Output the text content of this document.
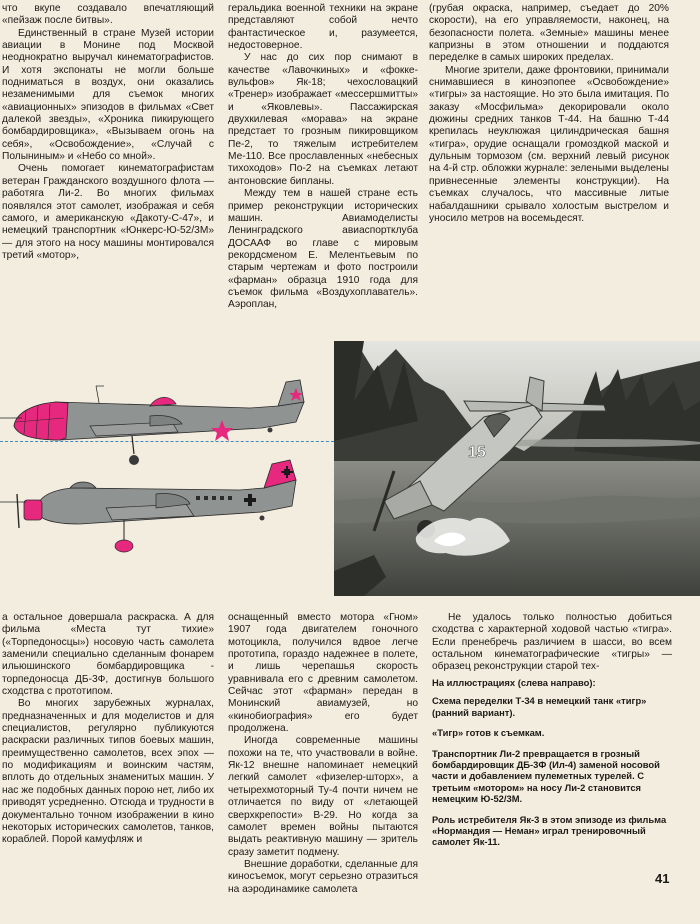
что вкупе создавало впечатляющий «пейзаж после битвы».

Единственный в стране Музей истории авиации в Монине под Москвой неоднократно выручал кинематографистов. И хотя экспонаты не могли больше подниматься в воздух, они оказались незаменимыми для съемок многих «авиационных» эпизодов в фильмах «Свет далекой звезды», «Хроника пикирующего бомбардировщика», «Вызываем огонь на себя», «Освобождение», «Случай с Полыниным» и «Небо со мной».

Очень помогает кинематографистам ветеран Гражданского воздушного флота — работяга Ли-2. Во многих фильмах появлялся этот самолет, изображая и себя самого, и американскую «Дакоту-С-47», и немецкий транспортник «Юнкерс-Ю-52/3М» — для этого на носу машины монтировался третий «мотор»,

геральдика военной техники на экране представляют собой нечто фантастическое и, разумеется, недостоверное.

У нас до сих пор снимают в качестве «Лавочкиных» и «фокке-вульфов» Як-18; чехословацкий «Тренер» изображает «мессершмитты» и «Яковлевы». Пассажирская двухкилевая «морава» на экране предстает то грозным пикировщиком Пе-2, то тяжелым истребителем Ме-110. Все прославленных «небесных тихоходов» По-2 на съемках летают антоновские бипланы.

Между тем в нашей стране есть пример реконструкции исторических машин. Авиамоделисты Ленинградского авиаспортклуба ДОСААФ во главе с мировым рекордсменом Е. Мелентьевым по старым чертежам и фото построили «фарман» образца 1910 года для съемок фильма «Воздухоплаватель». Аэроплан,

(грубая окраска, например, съедает до 20% скорости), на его управляемости, наконец, на безопасности полета. «Земные» машины менее капризны в этом отношении и поддаются переделке в самых широких пределах.

Многие зрители, даже фронтовики, принимали снимавшиеся в киноэпопее «Освобождение» «тигры» за настоящие. Но это была имитация. По заказу «Мосфильма» декорировали около дюжины средних танков Т-44. На башню Т-44 крепилась неуклюжая цилиндрическая башня «тигра», орудие оснащали громоздкой маской и дульным тормозом (см. верхний левый рисунок на 4-й стр. обложки журнале: зелеными выделены привнесенные элементы конструкции). На съемках случалось, что массивные литые набалдашники срывало холостым выстрелом и уносило метров на восемьдесят.

15

а остальное довершала раскраска. А для фильма «Места тут тихие» («Торпедоносцы») носовую часть самолета заменили специально сделанным фонарем ильюшинского бомбардировщика - торпедоносца ДБ-3Ф, достигнув большого сходства с прототипом.

Во многих зарубежных журналах, предназначенных и для моделистов и для специалистов, регулярно публикуются раскраски различных типов боевых машин, преимущественно самолетов, всех эпох — по модификациям и воинским частям, вплоть до отдельных знаменитых машин. У нас же подобных данных порою нет, либо их приводят усредненно. Отсюда и трудности в документально точном изображении в кино некоторых исторических самолетов, танков, кораблей. Порой камуфляж и

оснащенный вместо мотора «Гном» 1907 года двигателем гоночного мотоцикла, получился вдвое легче прототипа, гораздо надежнее в полете, и лишь черепашья скорость уравнивала его с древним самолетом. Сейчас этот «фарман» передан в Монинский авиамузей, но «кинобиография» его будет продолжена.

Иногда современные машины похожи на те, что участвовали в войне. Як-12 внешне напоминает немецкий легкий самолет «физелер-шторх», а четырехмоторный Ту-4 почти ничем не отличается по виду от «летающей сверхкрепости» В-29. Но когда за самолет времен войны пытаются выдать реактивную машину — зритель сразу заметит подмену.

Внешние доработки, сделанные для киносъемок, могут серьезно отразиться на аэродинамике самолета

Не удалось только полностью добиться сходства с характерной ходовой частью «тигра». Если пренебречь различием в шасси, во всем остальном кинематографические «тигры» — образец реконструкции старой тех-

На иллюстрациях (слева направо):

Схема переделки Т-34 в немецкий танк «тигр» (ранний вариант).

«Тигр» готов к съемкам.

Транспортник Ли-2 превращается в грозный бомбардировщик ДБ-3Ф (Ил-4) заменой носовой части и добавлением пулеметных турелей. С третьим «мотором» на носу Ли-2 становится немецким Ю-52/3М.

Роль истребителя Як-3 в этом эпизоде из фильма «Нормандия — Неман» играл тренировочный самолет Як-11.

41
